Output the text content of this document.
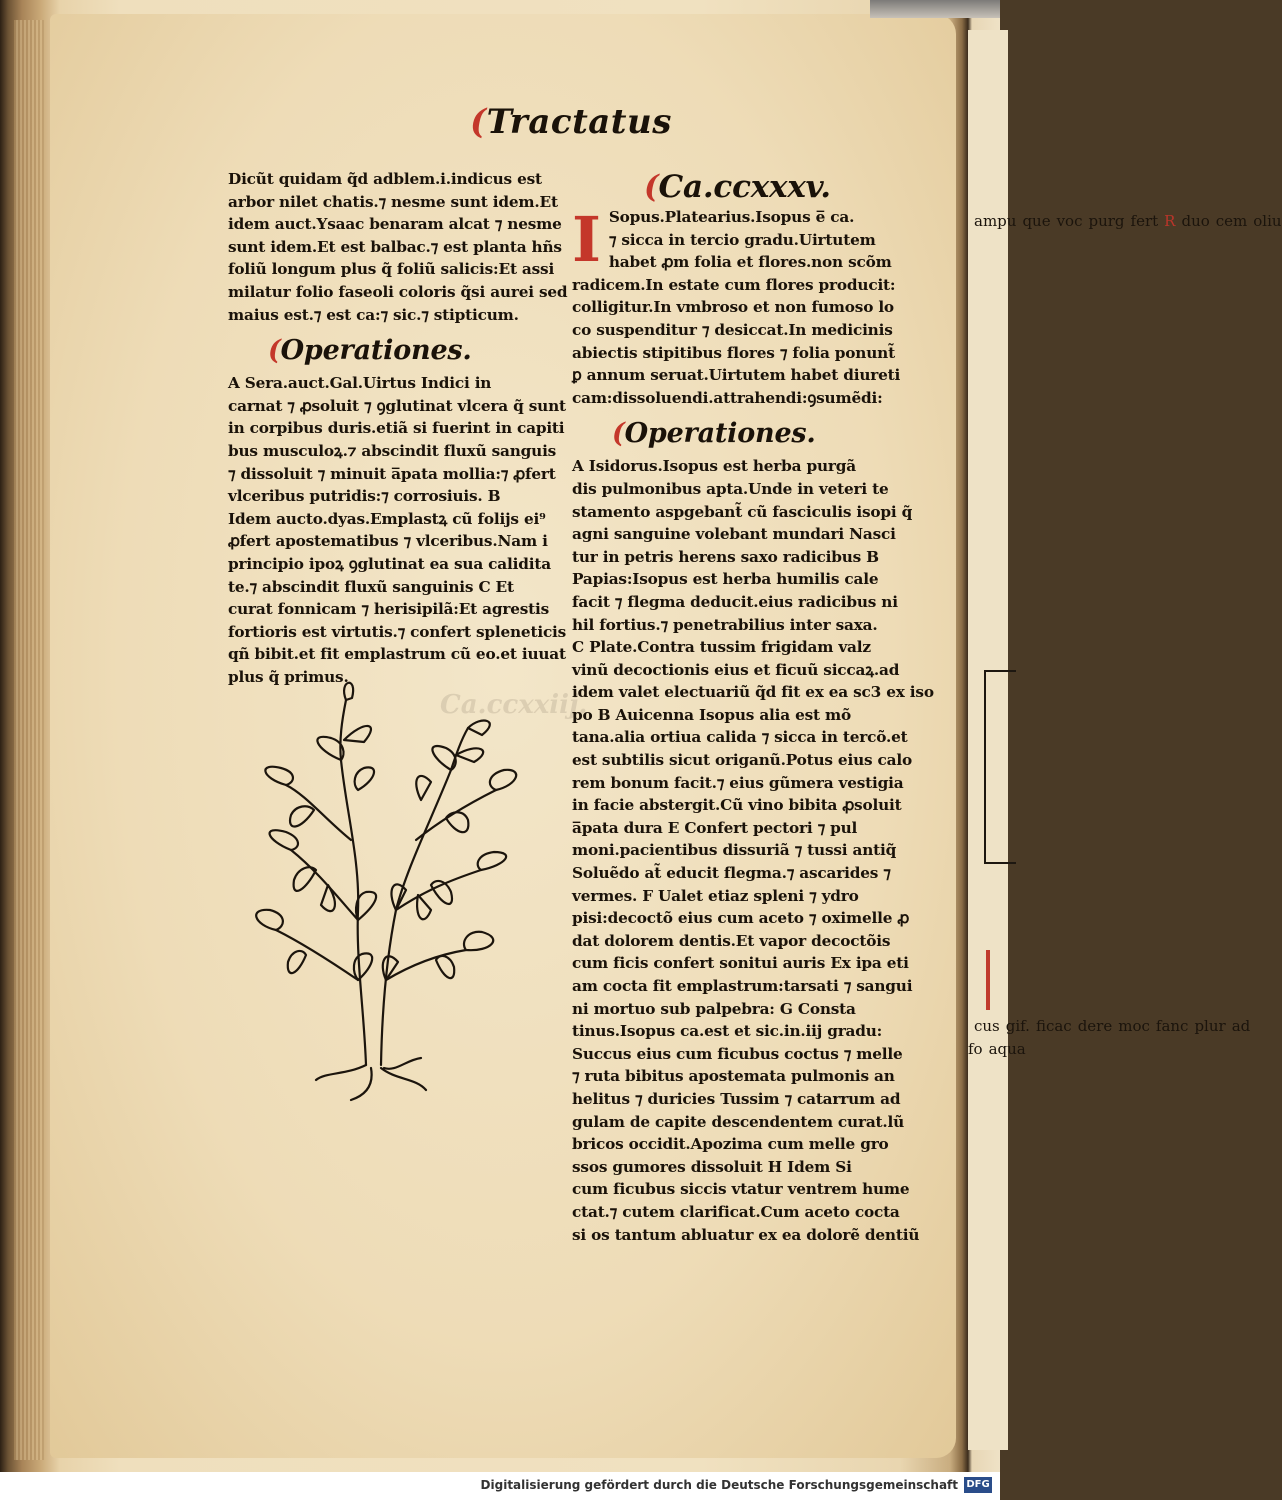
ampu que voc purg fert R duo cem oliu
cus gif. ficac dere moc fanc plur ad fo aqua
(Tractatus
Dicũt quidam q̃d adblem.i.indicus est
arbor nilet chatis.⁊ nesme sunt idem.Et
idem auct.Ysaac benaram alcat ⁊ nesme
sunt idem.Et est balbac.⁊ est planta hñs
foliũ longum plus q̃ foliũ salicis:Et assi
milatur folio faseoli coloris q̃si aurei sed
maius est.⁊ est ca:⁊ sic.⁊ stipticum.
(Operationes.
A Sera.auct.Gal.Uirtus Indici in
carnat ⁊ ꝓsoluit ⁊ ꝯglutinat vlcera q̃ sunt
in corpibus duris.etiã si fuerint in capiti
bus musculoꝝ.⁊ abscindit fluxũ sanguis
⁊ dissoluit ⁊ minuit a̅pata mollia:⁊ ꝓfert
vlceribus putridis:⁊ corrosiuis. B
Idem aucto.dyas.Emplastꝝ cũ folijs ei⁹
ꝓfert apostematibus ⁊ vlceribus.Nam i
principio ipoꝝ ꝯglutinat ea sua calidita
te.⁊ abscindit fluxũ sanguinis C Et
curat fonnicam ⁊ herisipilã:Et agrestis
fortioris est virtutis.⁊ confert spleneticis
qñ bibit.et fit emplastrum cũ eo.et iuuat
plus q̃ primus.
Ca.ccxxiij.
(Ca.ccxxxv.
I Sopus.Platearius.Isopus e̅ ca.
⁊ sicca in tercio gradu.Uirtutem
habet ꝓm folia et flores.non scõm
radicem.In estate cum flores producit:
colligitur.In vmbroso et non fumoso lo
co suspenditur ⁊ desiccat.In medicinis
abiectis stipitibus flores ⁊ folia ponunt̃
ꝑ annum seruat.Uirtutem habet diureti
cam:dissoluendi.attrahendi:ꝯsumẽdi:
(Operationes.
A Isidorus.Isopus est herba purgã
dis pulmonibus apta.Unde in veteri te
stamento aspgebant̃ cũ fasciculis isopi q̃
agni sanguine volebant mundari Nasci
tur in petris herens saxo radicibus B
Papias:Isopus est herba humilis cale
facit ⁊ flegma deducit.eius radicibus ni
hil fortius.⁊ penetrabilius inter saxa.
C Plate.Contra tussim frigidam valz
vinũ decoctionis eius et ficuũ siccaꝝ.ad
idem valet electuariũ q̃d fit ex ea sc3 ex iso
po B Auicenna Isopus alia est mõ
tana.alia ortiua calida ⁊ sicca in tercõ.et
est subtilis sicut origanũ.Potus eius calo
rem bonum facit.⁊ eius gũmera vestigia
in facie abstergit.Cũ vino bibita ꝓsoluit
a̅pata dura E Confert pectori ⁊ pul
moni.pacientibus dissuriã ⁊ tussi antiq̃
Soluẽdo at̃ educit flegma.⁊ ascarides ⁊
vermes. F Ualet etiaz spleni ⁊ ydro
pisi:decoctõ eius cum aceto ⁊ oximelle ꝓ
dat dolorem dentis.Et vapor decoctõis
cum ficis confert sonitui auris Ex ipa eti
am cocta fit emplastrum:tarsati ⁊ sangui
ni mortuo sub palpebra: G Consta
tinus.Isopus ca.est et sic.in.iij gradu:
Succus eius cum ficubus coctus ⁊ melle
⁊ ruta bibitus apostemata pulmonis an
helitus ⁊ duricies Tussim ⁊ catarrum ad
gulam de capite descendentem curat.lũ
bricos occidit.Apozima cum melle gro
ssos gumores dissoluit H Idem Si
cum ficubus siccis vtatur ventrem hume
ctat.⁊ cutem clarificat.Cum aceto cocta
si os tantum abluatur ex ea dolorẽ dentiũ
Digitalisierung gefördert durch die Deutsche Forschungsgemeinschaft DFG
